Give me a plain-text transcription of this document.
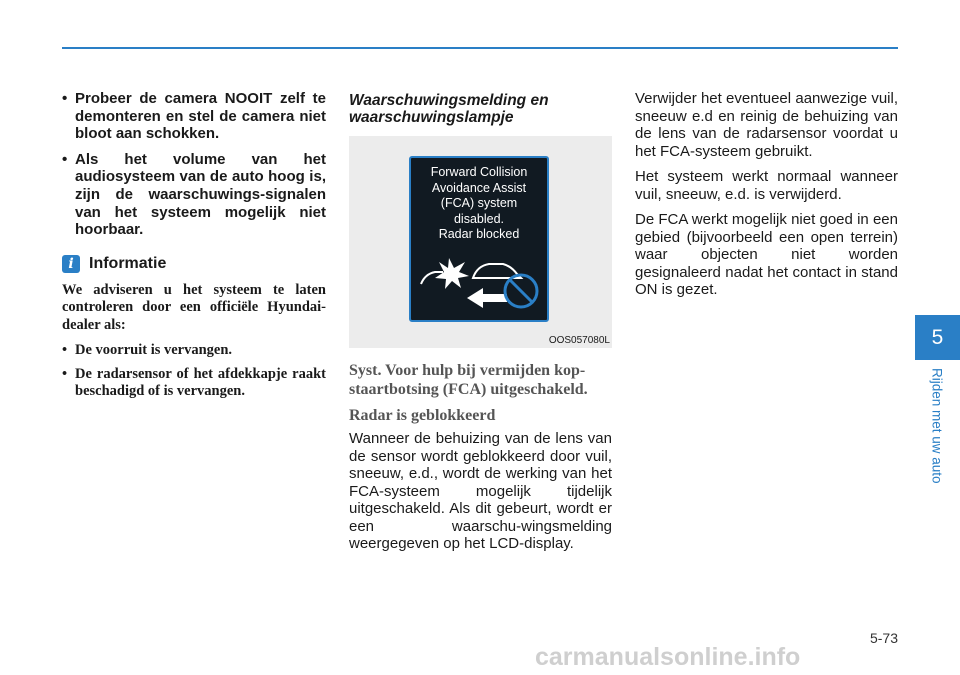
• Probeer de camera NOOIT zelf te demonteren en stel de camera niet bloot aan schokken.
• Als het volume van het audiosysteem van de auto hoog is, zijn de waarschuwings-signalen van het systeem mogelijk niet hoorbaar.
i Informatie

We adviseren u het systeem te laten controleren door een officiële Hyundai-dealer als:

• De voorruit is vervangen.
• De radarsensor of het afdekkapje raakt beschadigd of is vervangen.
Waarschuwingsmelding en waarschuwingslampje
Forward Collision
Avoidance Assist
(FCA) system
disabled.
Radar blocked
OOS057080L
Syst. Voor hulp bij vermijden kop-staartbotsing (FCA) uitgeschakeld.
Radar is geblokkeerd

Wanneer de behuizing van de lens van de sensor wordt geblokkeerd door vuil, sneeuw, e.d., wordt de werking van het FCA-systeem mogelijk tijdelijk uitgeschakeld. Als dit gebeurt, wordt er een waarschu-wingsmelding weergegeven op het LCD-display.

Verwijder het eventueel aanwezige vuil, sneeuw e.d en reinig de behuizing van de lens van de radarsensor voordat u het FCA-systeem gebruikt.

Het systeem werkt normaal wanneer vuil, sneeuw, e.d. is verwijderd.

De FCA werkt mogelijk niet goed in een gebied (bijvoorbeeld een open terrein) waar objecten niet worden gesignaleerd nadat het contact in stand ON is gezet.

5
Rijden met uw auto
5-73
carmanualsonline.info
